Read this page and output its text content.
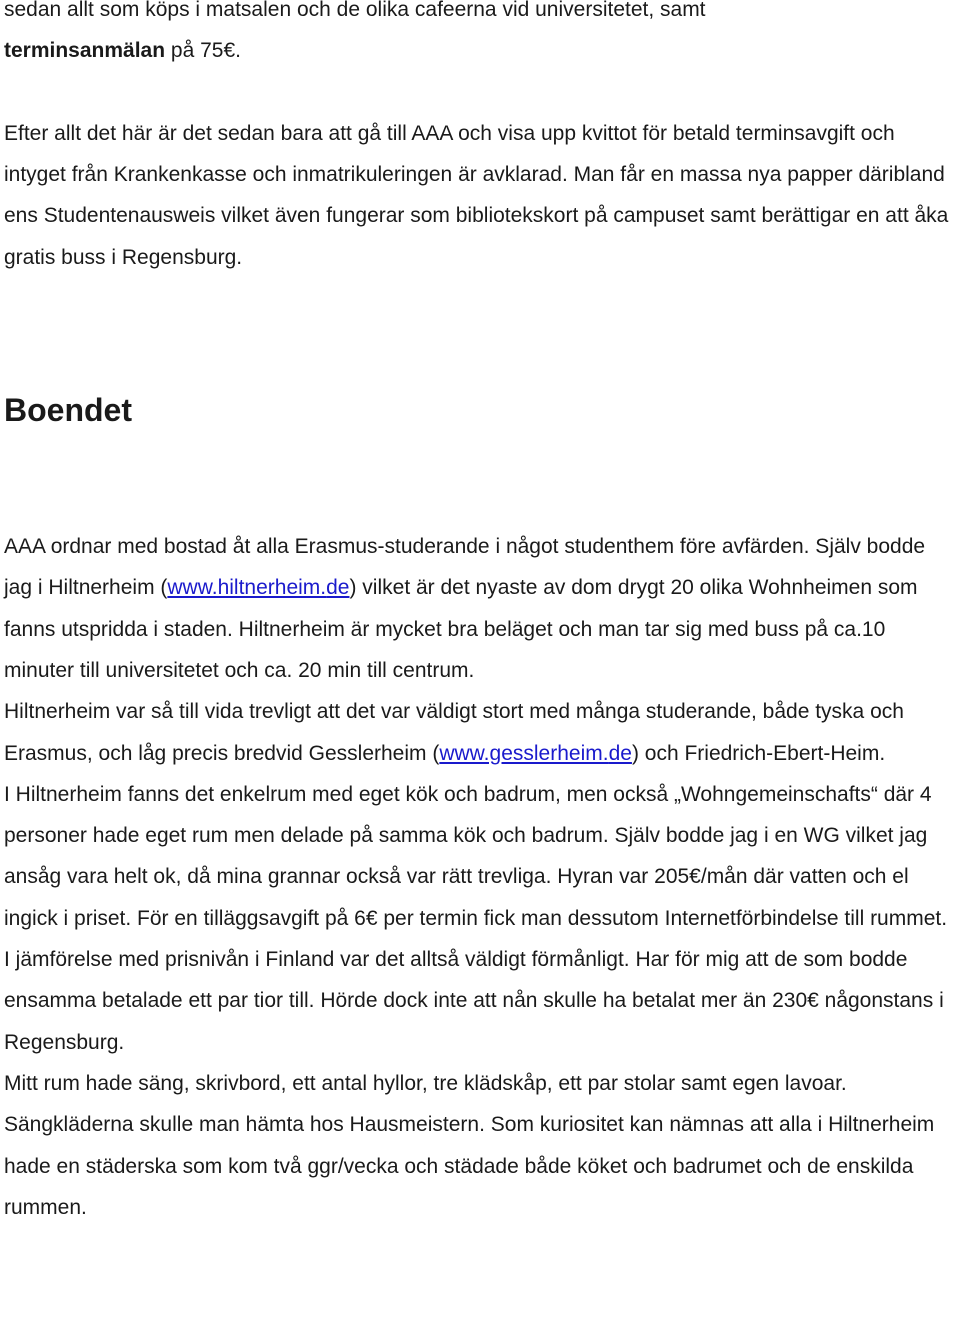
sedan allt som köps i matsalen och de olika cafeerna vid universitetet, samt
terminsanmälan på 75€.

Efter allt det här är det sedan bara att gå till AAA och visa upp kvittot för betald terminsavgift och intyget från Krankenkasse och inmatrikuleringen är avklarad. Man får en massa nya papper däribland ens Studentenausweis vilket även fungerar som bibliotekskort på campuset samt berättigar en att åka gratis buss i Regensburg.

Boendet

AAA ordnar med bostad åt alla Erasmus-studerande i något studenthem före avfärden. Själv bodde jag i Hiltnerheim (www.hiltnerheim.de) vilket är det nyaste av dom drygt 20 olika Wohnheimen som fanns utspridda i staden. Hiltnerheim är mycket bra beläget och man tar sig med buss på ca.10 minuter till universitetet och ca. 20 min till centrum.
Hiltnerheim var så till vida trevligt att det var väldigt stort med många studerande, både tyska och Erasmus, och låg precis bredvid Gesslerheim (www.gesslerheim.de) och Friedrich-Ebert-Heim.

I Hiltnerheim fanns det enkelrum med eget kök och badrum, men också „Wohngemeinschafts“ där 4 personer hade eget rum men delade på samma kök och badrum. Själv bodde jag i en WG vilket jag ansåg vara helt ok, då mina grannar också var rätt trevliga. Hyran var 205€/mån där vatten och el ingick i priset. För en tilläggsavgift på 6€ per termin fick man dessutom Internetförbindelse till rummet. I jämförelse med prisnivån i Finland var det alltså väldigt förmånligt. Har för mig att de som bodde ensamma betalade ett par tior till. Hörde dock inte att nån skulle ha betalat mer än 230€ någonstans i Regensburg.

Mitt rum hade säng, skrivbord, ett antal hyllor, tre klädskåp, ett par stolar samt egen lavoar. Sängkläderna skulle man hämta hos Hausmeistern. Som kuriositet kan nämnas att alla i Hiltnerheim hade en städerska som kom två ggr/vecka och städade både köket och badrumet och de enskilda rummen.
